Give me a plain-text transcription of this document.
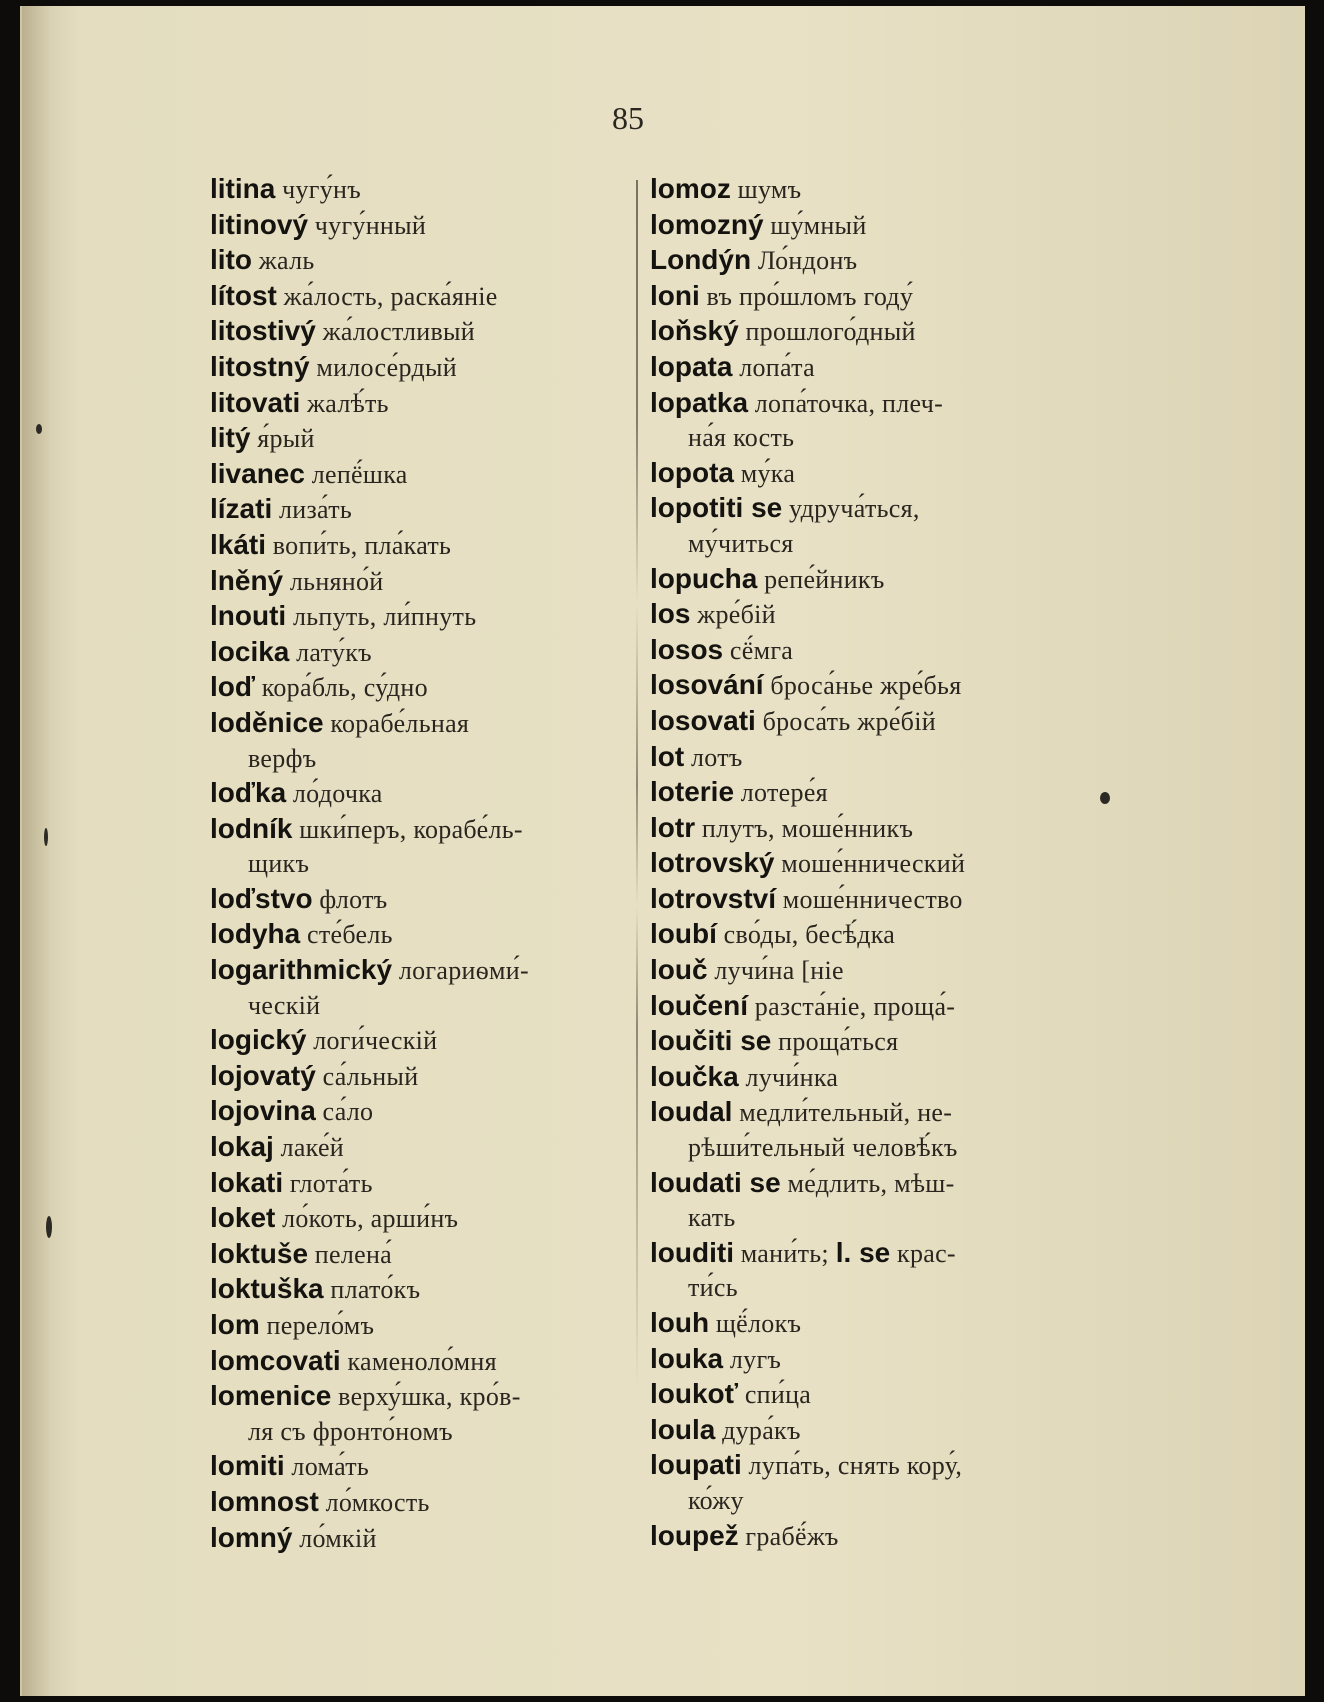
85
litina чугу́нъ
litinový чугу́нный
lito жаль
lítost жа́лость, раска́яніе
litostivý жа́лостливый
litostný милосе́рдый
litovati жалѣ́ть
litý я́рый
livanec лепё́шка
lízati лиза́ть
lkáti вопи́ть, пла́кать
lněný льняно́й
lnouti льпуть, ли́пнуть
locika лату́къ
loď кора́бль, су́дно
loděnice корабе́льная
верфъ
loďka ло́дочка
lodník шки́перъ, корабе́ль-
щикъ
loďstvo флотъ
lodyha сте́бель
logarithmický логариѳми́-
ческій
logický логи́ческій
lojovatý са́льный
lojovina са́ло
lokaj лаке́й
lokati глота́ть
loket ло́коть, арши́нъ
loktuše пелена́
loktuška плато́къ
lom перело́мъ
lomcovati каменоло́мня
lomenice верху́шка, кро́в-
ля съ фронто́номъ
lomiti лома́ть
lomnost ло́мкость
lomný ло́мкій
lomoz шумъ
lomozný шу́мный
Londýn Ло́ндонъ
loni въ про́шломъ году́
loňský прошлого́дный
lopata лопа́та
lopatka лопа́точка, плеч-
на́я кость
lopota му́ка
lopotiti se удруча́ться,
му́читься
lopucha репе́йникъ
los жре́бій
losos сё́мга
losování броса́нье жре́бья
losovati броса́ть жре́бій
lot лотъ
loterie лотере́я
lotr плутъ, моше́нникъ
lotrovský моше́ннический
lotrovství моше́нничество
loubí сво́ды, бесѣ́дка
louč лучи́на [ніе
loučení разста́ніе, проща́-
loučiti se проща́ться
loučka лучи́нка
loudal медли́тельный, не-
рѣши́тельный человѣ́къ
loudati se ме́длить, мѣш-
кать
louditi мани́ть; l. se крас-
ти́сь
louh щё́локъ
louka лугъ
loukoť спи́ца
loula дура́къ
loupati лупа́ть, снять кору́,
ко́жу
loupež грабё́жъ
